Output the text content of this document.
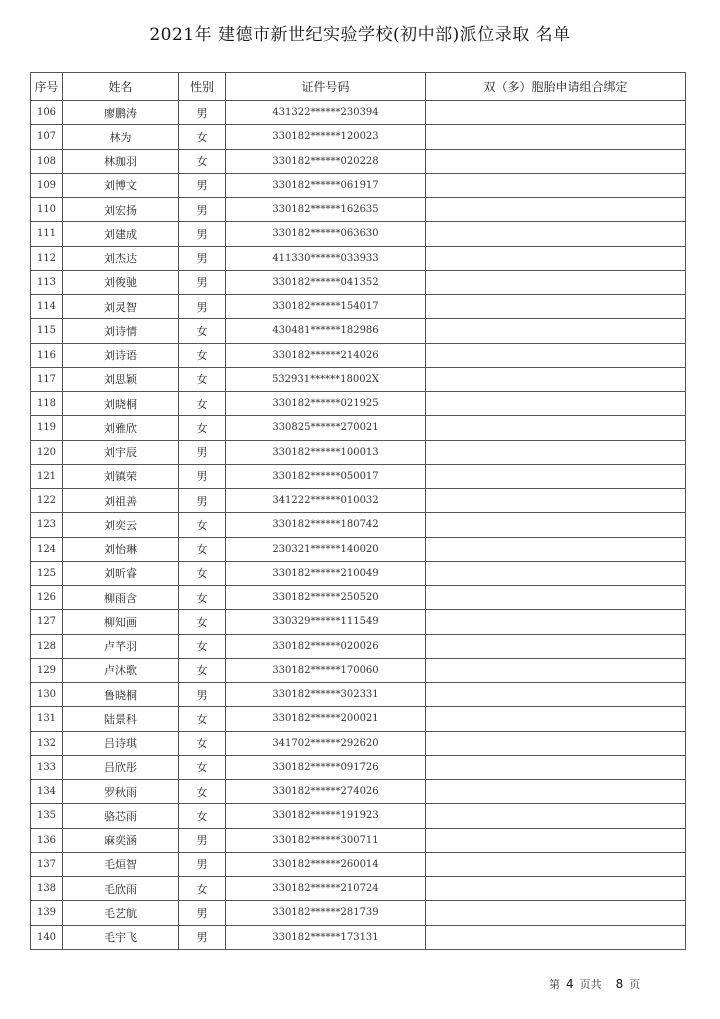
2021年 建德市新世纪实验学校(初中部)派位录取 名单
序号	姓名	性别	证件号码	双（多）胞胎申请组合绑定
106	廖鹏涛	男	431322******230394	
107	林为	女	330182******120023	
108	林珈羽	女	330182******020228	
109	刘博文	男	330182******061917	
110	刘宏扬	男	330182******162635	
111	刘建成	男	330182******063630	
112	刘杰达	男	411330******033933	
113	刘俊驰	男	330182******041352	
114	刘灵智	男	330182******154017	
115	刘诗情	女	430481******182986	
116	刘诗语	女	330182******214026	
117	刘思颖	女	532931******18002X	
118	刘晓桐	女	330182******021925	
119	刘雅欣	女	330825******270021	
120	刘宇辰	男	330182******100013	
121	刘镇荣	男	330182******050017	
122	刘祖善	男	341222******010032	
123	刘奕云	女	330182******180742	
124	刘怡琳	女	230321******140020	
125	刘昕睿	女	330182******210049	
126	柳雨含	女	330182******250520	
127	柳知画	女	330329******111549	
128	卢芊羽	女	330182******020026	
129	卢沐歌	女	330182******170060	
130	鲁晓桐	男	330182******302331	
131	陆景科	女	330182******200021	
132	吕诗琪	女	341702******292620	
133	吕欣彤	女	330182******091726	
134	罗秋雨	女	330182******274026	
135	骆芯雨	女	330182******191923	
136	麻奕涵	男	330182******300711	
137	毛烜智	男	330182******260014	
138	毛欣雨	女	330182******210724	
139	毛艺航	男	330182******281739	
140	毛宇飞	男	330182******173131	
第 4 页共 8 页
